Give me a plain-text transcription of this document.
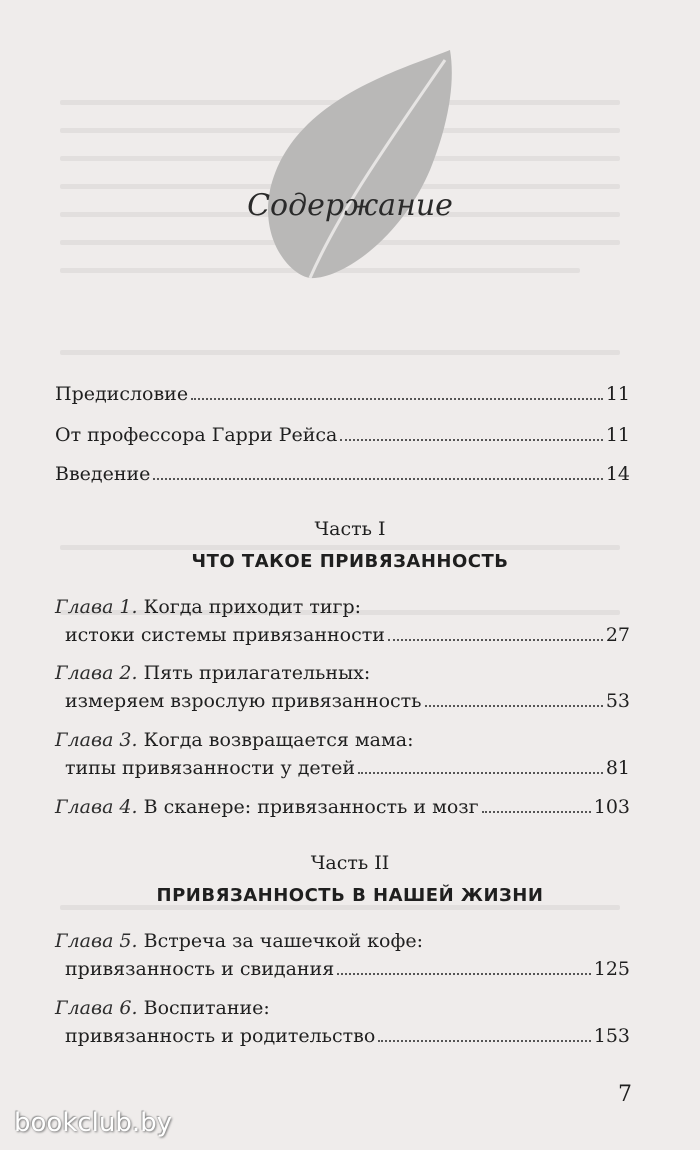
Содержание
Предисловие	11
От профессора Гарри Рейса	11
Введение	14
Часть I
ЧТО ТАКОЕ ПРИВЯЗАННОСТЬ
Глава 1.
Когда приходит тигр:
истоки системы привязанности	27
Глава 2.
Пять прилагательных:
измеряем взрослую привязанность	53
Глава 3.
Когда возвращается мама:
типы привязанности у детей	81
Глава 4.
В сканере: привязанность и мозг	103
Часть II
ПРИВЯЗАННОСТЬ В НАШЕЙ ЖИЗНИ
Глава 5.
Встреча за чашечкой кофе:
привязанность и свидания	125
Глава 6.
Воспитание:
привязанность и родительство	153
7
bookclub.by
